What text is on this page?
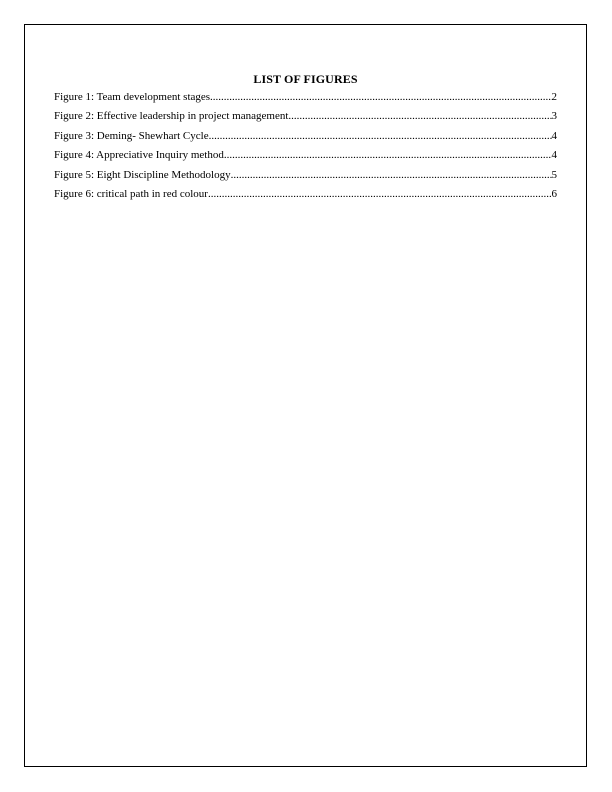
LIST OF FIGURES
Figure 1: Team development stages .....	2
Figure 2: Effective leadership in project management .....	3
Figure 3: Deming- Shewhart Cycle .....	4
Figure 4: Appreciative Inquiry method .....	4
Figure 5: Eight Discipline Methodology .....	5
Figure 6: critical path in red colour .....	6
